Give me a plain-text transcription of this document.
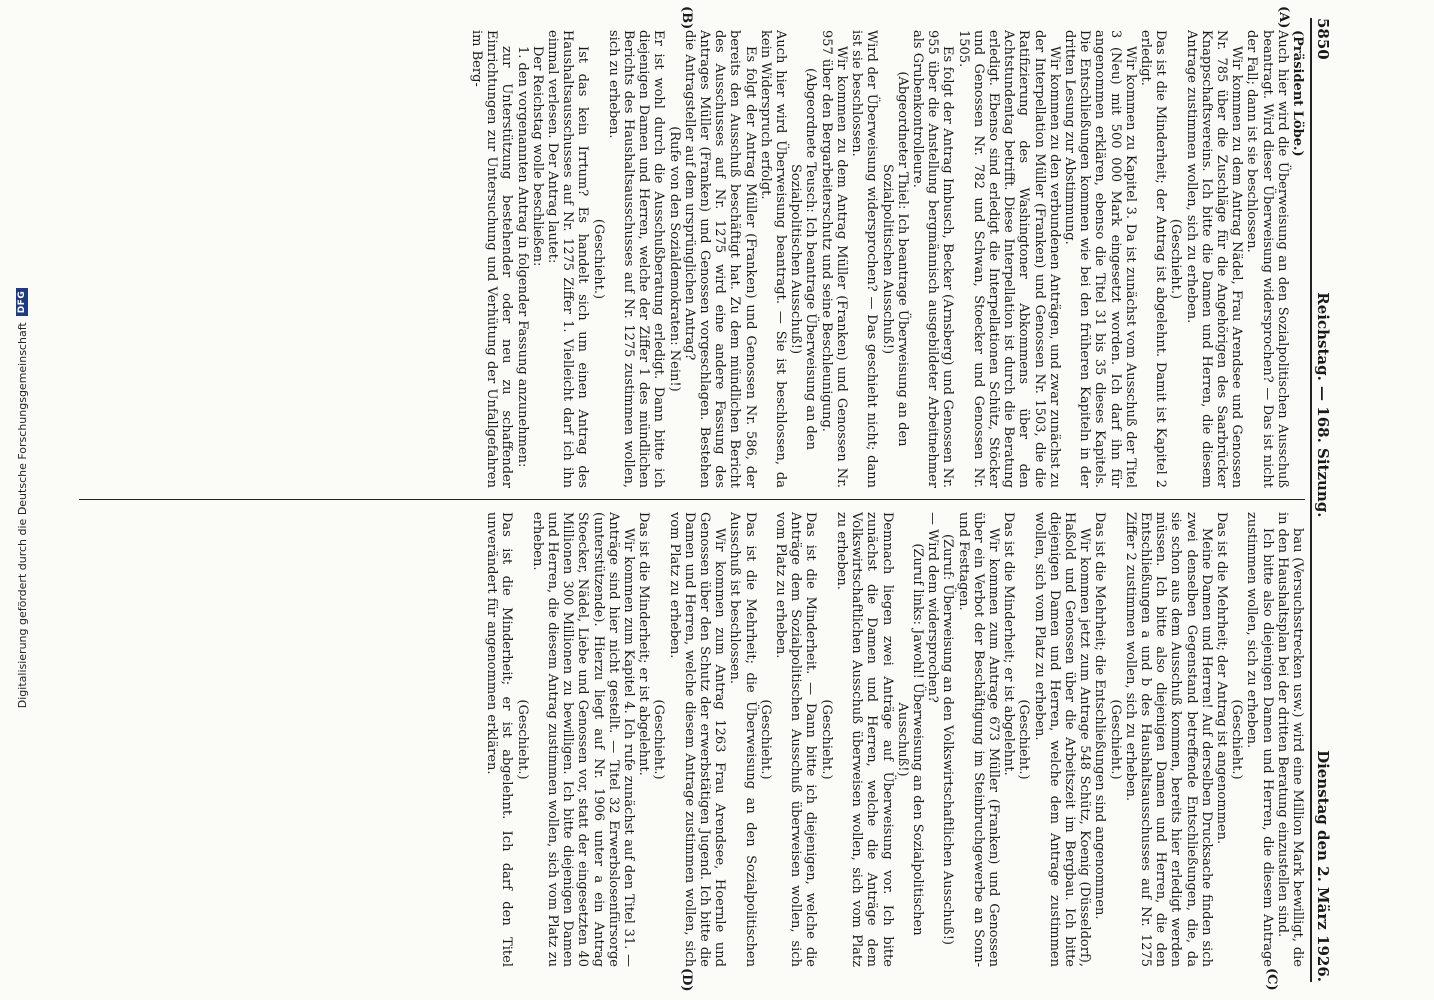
5850
Reichstag. — 168. Sitzung.
Dienstag den 2. März 1926.
(A)
(B)
(C)
(D)

(Präsident Löbe.)

Auch hier wird die Überweisung an den Sozialpolitischen Ausschuß beantragt. Wird dieser Überweisung widersprochen? — Das ist nicht der Fall; dann ist sie beschlossen.

Wir kommen zu dem Antrag Nädel, Frau Arendsee und Genossen Nr. 785 über die Zuschläge für die Angehörigen des Saarbrücker Knappschaftsvereins. Ich bitte die Damen und Herren, die diesem Antrage zustimmen wollen, sich zu erheben.

(Geschieht.)

Das ist die Minderheit; der Antrag ist abgelehnt. Damit ist Kapitel 2 erledigt.

Wir kommen zu Kapitel 3. Da ist zunächst vom Ausschuß der Titel 3 (Neu) mit 500 000 Mark eingesetzt worden. Ich darf ihn für angenommen erklären, ebenso die Titel 31 bis 35 dieses Kapitels. Die Entschließungen kommen wie bei den früheren Kapiteln in der dritten Lesung zur Abstimmung.

Wir kommen zu den verbundenen Anträgen, und zwar zunächst zu der Interpellation Müller (Franken) und Genossen Nr. 1503, die die Ratifizierung des Washingtoner Abkommens über den Achtstundentag betrifft. Diese Interpellation ist durch die Beratung erledigt. Ebenso sind erledigt die Interpellationen Schütz, Stöcker und Genossen Nr. 782 und Schwan, Stoecker und Genossen Nr. 1505.

Es folgt der Antrag Imbusch, Becker (Arnsberg) und Genossen Nr. 955 über die Anstellung bergmännisch ausgebildeter Arbeitnehmer als Grubenkontrolleure.

(Abgeordneter Thiel: Ich beantrage Überweisung an den Sozialpolitischen Ausschuß!)

Wird der Überweisung widersprochen? — Das geschieht nicht; dann ist sie beschlossen.

Wir kommen zu dem Antrag Müller (Franken) und Genossen Nr. 957 über den Bergarbeiterschutz und seine Beschleunigung.

(Abgeordnete Teusch: Ich beantrage Überweisung an den Sozialpolitischen Ausschuß!)

Auch hier wird Überweisung beantragt. — Sie ist beschlossen, da kein Widerspruch erfolgt.

Es folgt der Antrag Müller (Franken) und Genossen Nr. 586, der bereits den Ausschuß beschäftigt hat. Zu dem mündlichen Bericht des Ausschusses auf Nr. 1275 wird eine andere Fassung des Antrages Müller (Franken) und Genossen vorgeschlagen. Bestehen die Antragsteller auf dem ursprünglichen Antrag?

(Rufe von den Sozialdemokraten: Nein!)

Er ist wohl durch die Ausschußberatung erledigt. Dann bitte ich diejenigen Damen und Herren, welche der Ziffer 1 des mündlichen Berichts des Haushaltsausschusses auf Nr. 1275 zustimmen wollen, sich zu erheben.

(Geschieht.)

Ist das kein Irrtum? Es handelt sich um einen Antrag des Haushaltsausschusses auf Nr. 1275 Ziffer 1. Vielleicht darf ich ihn einmal verlesen. Der Antrag lautet:

Der Reichstag wolle beschließen:

1. den vorgenannten Antrag in folgender Fassung anzunehmen:

zur Unterstützung bestehender oder neu zu schaffender Einrichtungen zur Untersuchung und Verhütung der Unfallgefahren im Berg-

bau (Versuchsstrecken usw.) wird eine Million Mark bewilligt, die in den Haushaltsplan bei der dritten Beratung einzustellen sind.

Ich bitte also diejenigen Damen und Herren, die diesem Antrage zustimmen wollen, sich zu erheben.

(Geschieht.)

Das ist die Mehrheit; der Antrag ist angenommen.

Meine Damen und Herren! Auf derselben Drucksache finden sich zwei denselben Gegenstand betreffende Entschließungen, die, da sie schon aus dem Ausschuß kommen, bereits hier erledigt werden müssen. Ich bitte also diejenigen Damen und Herren, die den Entschließungen a und b des Haushaltsausschusses auf Nr. 1275 Ziffer 2 zustimmen wollen, sich zu erheben.

(Geschieht.)

Das ist die Mehrheit; die Entschließungen sind angenommen.

Wir kommen jetzt zum Antrage 548 Schütz, Koenig (Düsseldorf), Haßold und Genossen über die Arbeitszeit im Bergbau. Ich bitte diejenigen Damen und Herren, welche dem Antrage zustimmen wollen, sich vom Platz zu erheben.

(Geschieht.)

Das ist die Minderheit; er ist abgelehnt.

Wir kommen zum Antrage 673 Müller (Franken) und Genossen über ein Verbot der Beschäftigung im Steinbruchgewerbe an Sonn- und Festtagen.

(Zuruf: Überweisung an den Volkswirtschaftlichen Ausschuß!)

— Wird dem widersprochen?

(Zuruf links: Jawohl! Überweisung an den Sozialpolitischen Ausschuß!)

Demnach liegen zwei Anträge auf Überweisung vor. Ich bitte zunächst die Damen und Herren, welche die Anträge dem Volkswirtschaftlichen Ausschuß überweisen wollen, sich vom Platz zu erheben.

(Geschieht.)

Das ist die Minderheit. — Dann bitte ich diejenigen, welche die Anträge dem Sozialpolitischen Ausschuß überweisen wollen, sich vom Platz zu erheben.

(Geschieht.)

Das ist die Mehrheit; die Überweisung an den Sozialpolitischen Ausschuß ist beschlossen.

Wir kommen zum Antrag 1263 Frau Arendsee, Hoernle und Genossen über den Schutz der erwerbstätigen Jugend. Ich bitte die Damen und Herren, welche diesem Antrage zustimmen wollen, sich vom Platz zu erheben.

(Geschieht.)

Das ist die Minderheit; er ist abgelehnt.

Wir kommen zum Kapitel 4. Ich rufe zunächst auf den Titel 31. — Anträge sind hier nicht gestellt. — Titel 32 Erwerbslosenfürsorge (unterstützende). Hierzu liegt auf Nr. 1906 unter a ein Antrag Stoecker, Nädel, Liebe und Genossen vor, statt der eingesetzten 40 Millionen 300 Millionen zu bewilligen. Ich bitte diejenigen Damen und Herren, die diesem Antrag zustimmen wollen, sich vom Platz zu erheben.

(Geschieht.)

Das ist die Minderheit; er ist abgelehnt. Ich darf den Titel unverändert für angenommen erklären.

Digitalisierung gefördert durch die Deutsche Forschungsgemeinschaft
DFG
